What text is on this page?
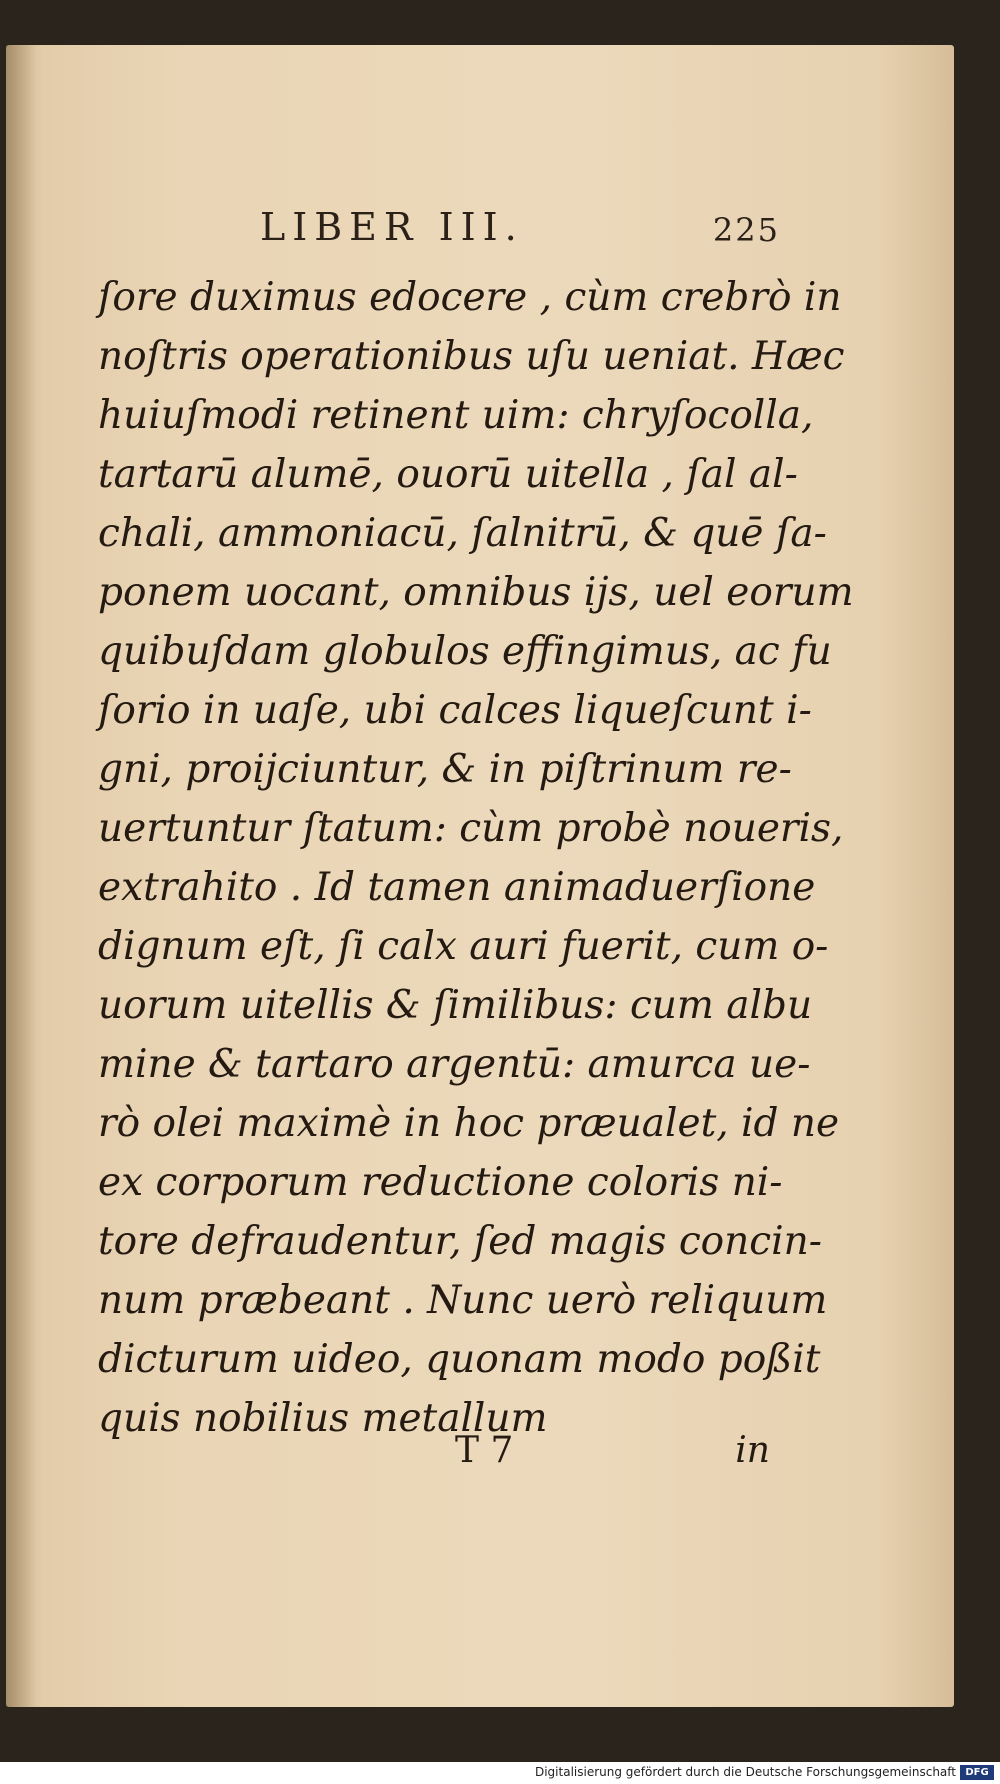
LIBER III.	225
ſore duximus edocere , cùm crebrò in
noſtris operationibus uſu ueniat. Hæc
huiuſmodi retinent uim: chryſocolla,
tartarū alumē, ouorū uitella , ſal al-
chali, ammoniacū, ſalnitrū, & quē ſa-
ponem uocant, omnibus ijs, uel eorum
quibuſdam globulos effingimus, ac fu
ſorio in uaſe, ubi calces liqueſcunt i-
gni, proijciuntur, & in piſtrinum re-
uertuntur ſtatum: cùm probè noueris,
extrahito . Id tamen animaduerſione
dignum eſt, ſi calx auri fuerit, cum o-
uorum uitellis & ſimilibus: cum albu
mine & tartaro argentū: amurca ue-
rò olei maximè in hoc præualet, id ne
ex corporum reductione coloris ni-
tore defraudentur, ſed magis concin-
num præbeant . Nunc uerò reliquum
dicturum uideo, quonam modo poßit
quis nobilius metallum
T 7	in
Digitalisierung gefördert durch die Deutsche Forschungsgemeinschaft DFG
